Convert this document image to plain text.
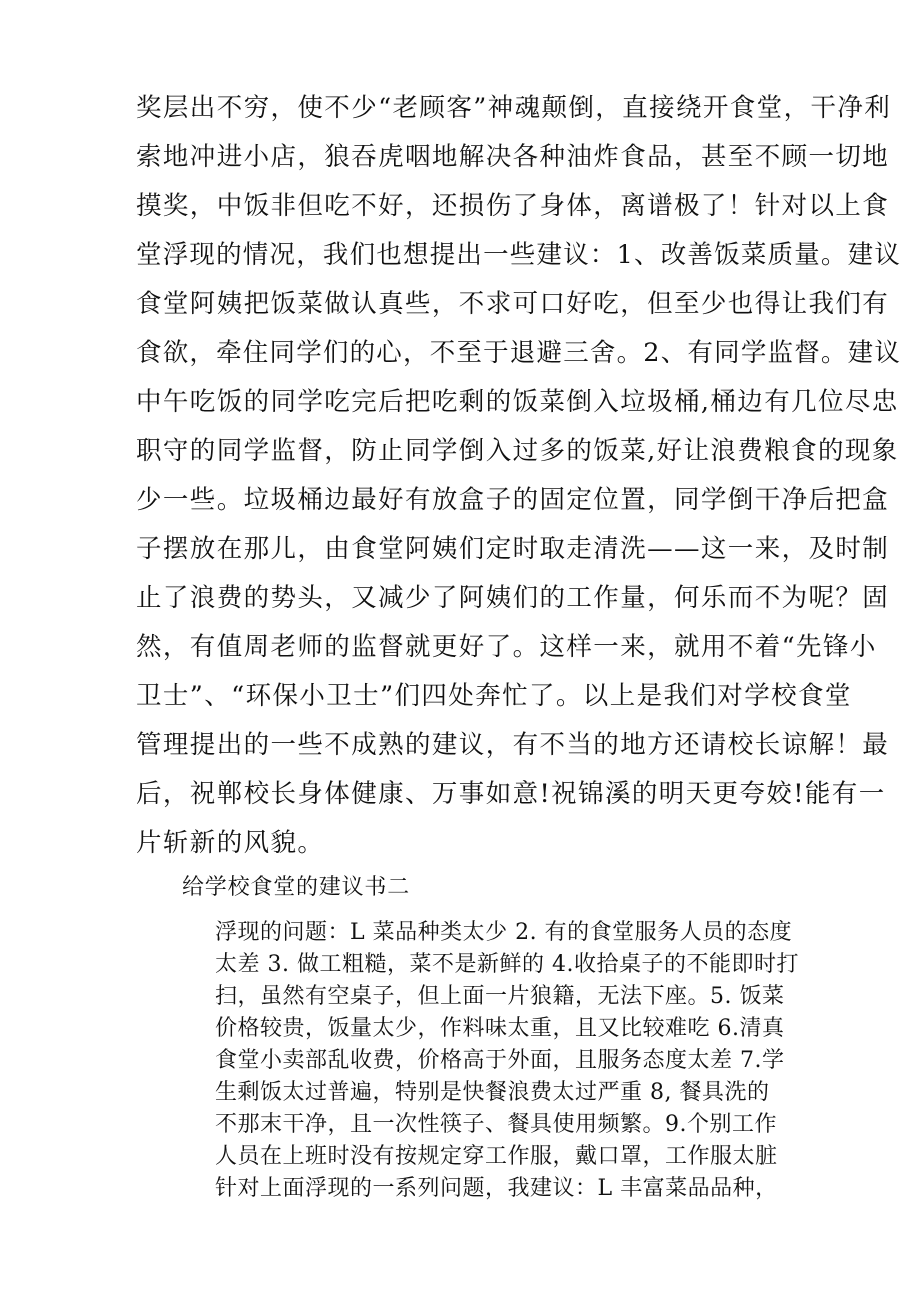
奖层出不穷，使不少“老顾客”神魂颠倒，直接绕开食堂，干净利
索地冲进小店，狼吞虎咽地解决各种油炸食品，甚至不顾一切地
摸奖，中饭非但吃不好，还损伤了身体，离谱极了！针对以上食
堂浮现的情况，我们也想提出一些建议：1、改善饭菜质量。建议
食堂阿姨把饭菜做认真些，不求可口好吃，但至少也得让我们有
食欲，牵住同学们的心，不至于退避三舍。2、有同学监督。建议
中午吃饭的同学吃完后把吃剩的饭菜倒入垃圾桶,桶边有几位尽忠
职守的同学监督，防止同学倒入过多的饭菜,好让浪费粮食的现象
少一些。垃圾桶边最好有放盒子的固定位置，同学倒干净后把盒
子摆放在那儿，由食堂阿姨们定时取走清洗——这一来，及时制
止了浪费的势头，又减少了阿姨们的工作量，何乐而不为呢？固
然，有值周老师的监督就更好了。这样一来，就用不着“先锋小
卫士”、“环保小卫士”们四处奔忙了。以上是我们对学校食堂
管理提出的一些不成熟的建议，有不当的地方还请校长谅解！最
后，祝郸校长身体健康、万事如意!祝锦溪的明天更夸姣!能有一
片斩新的风貌。
给学校食堂的建议书二
浮现的问题：L 菜品种类太少 2. 有的食堂服务人员的态度
太差 3. 做工粗糙，菜不是新鲜的 4.收拾桌子的不能即时打
扫，虽然有空桌子，但上面一片狼籍，无法下座。5. 饭菜
价格较贵，饭量太少，作料味太重，且又比较难吃 6.清真
食堂小卖部乱收费，价格高于外面，且服务态度太差 7.学
生剩饭太过普遍，特别是快餐浪费太过严重 8, 餐具洗的
不那末干净，且一次性筷子、餐具使用频繁。9.个别工作
人员在上班时没有按规定穿工作服，戴口罩，工作服太脏
针对上面浮现的一系列问题，我建议：L 丰富菜品品种，
